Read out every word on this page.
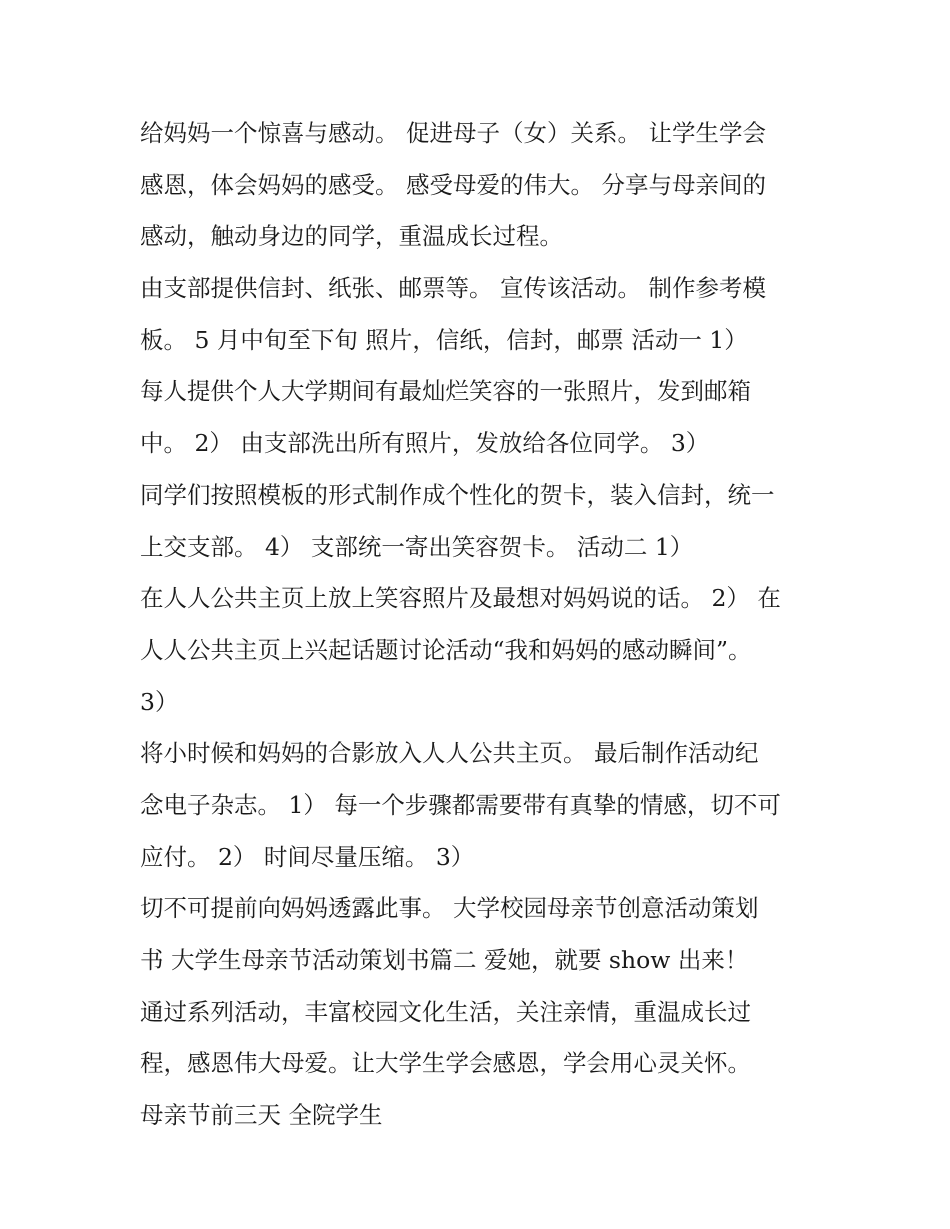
给妈妈一个惊喜与感动。 促进母子（女）关系。 让学生学会
感恩，体会妈妈的感受。 感受母爱的伟大。 分享与母亲间的
感动，触动身边的同学，重温成长过程。
由支部提供信封、纸张、邮票等。 宣传该活动。 制作参考模
板。 5 月中旬至下旬 照片，信纸，信封，邮票 活动一 1）
每人提供个人大学期间有最灿烂笑容的一张照片，发到邮箱
中。 2） 由支部洗出所有照片，发放给各位同学。 3）
同学们按照模板的形式制作成个性化的贺卡，装入信封，统一
上交支部。 4） 支部统一寄出笑容贺卡。 活动二 1）
在人人公共主页上放上笑容照片及最想对妈妈说的话。 2） 在
人人公共主页上兴起话题讨论活动“我和妈妈的感动瞬间”。
3）
将小时候和妈妈的合影放入人人公共主页。 最后制作活动纪
念电子杂志。 1） 每一个步骤都需要带有真挚的情感，切不可
应付。 2） 时间尽量压缩。 3）
切不可提前向妈妈透露此事。 大学校园母亲节创意活动策划
书 大学生母亲节活动策划书篇二 爱她，就要 show 出来！
通过系列活动，丰富校园文化生活，关注亲情，重温成长过
程，感恩伟大母爱。让大学生学会感恩，学会用心灵关怀。
母亲节前三天 全院学生
